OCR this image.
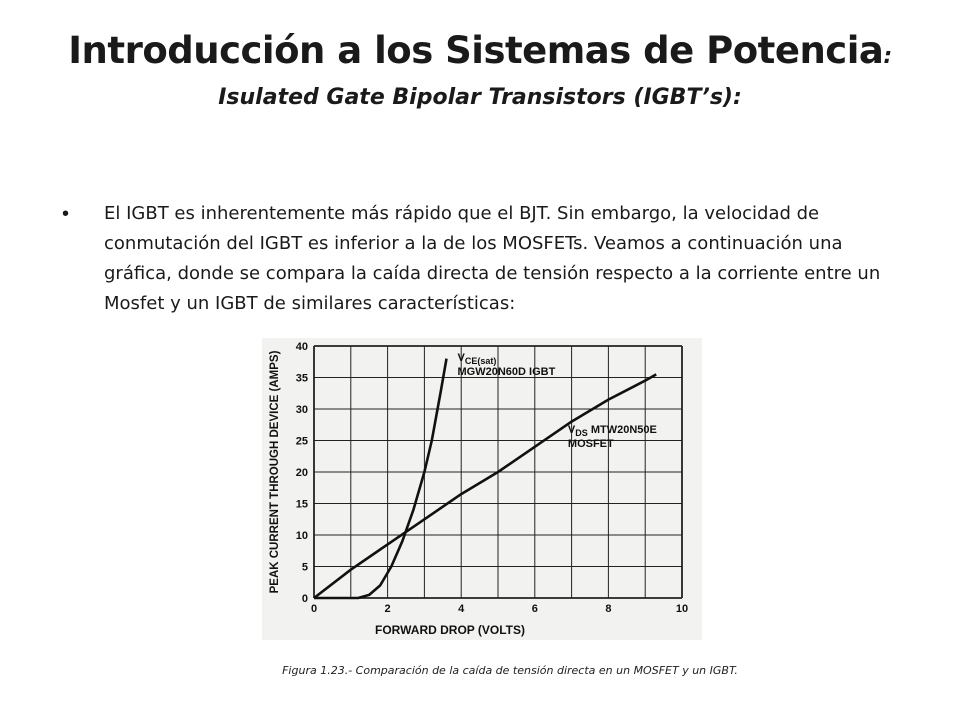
Introducción a los Sistemas de Potencia:
Isulated Gate Bipolar Transistors (IGBT’s):
•	El IGBT es inherentemente más rápido que el BJT. Sin embargo, la velocidad de conmutación del IGBT es inferior a la de los MOSFETs. Veamos a continuación una gráfica, donde se compara la caída directa de tensión respecto a la corriente entre un Mosfet y un IGBT de similares características:
0	2	4	6	8	10
0
5
10
15
20
25
30
35
40
FORWARD DROP (VOLTS)
PEAK CURRENT THROUGH DEVICE (AMPS)	$V_{CE(sat)}$
MGW20N60D IGBT
$V_{DS}$ MTW20N50E
MOSFET
Figura 1.23.- Comparación de la caída de tensión directa en un MOSFET y un IGBT.
